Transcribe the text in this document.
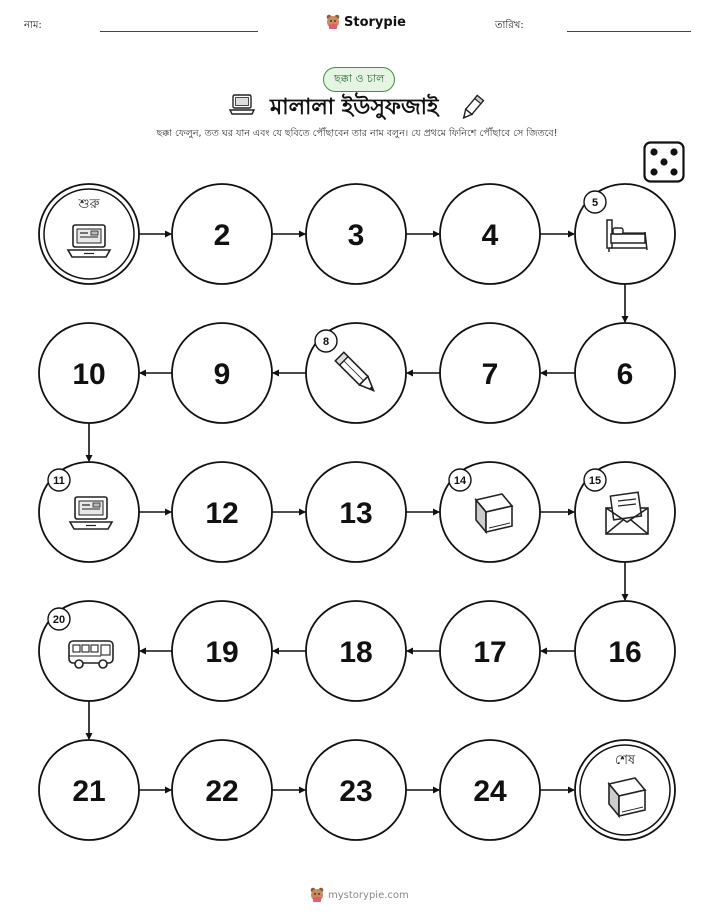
নাম:	Storypie	তারিখ:
ছক্কা ও চাল
মালালা ইউসুফজাই
ছক্কা ফেলুন, তত ঘর যান এবং যে ছবিতে পৌঁছাবেন তার নাম বলুন। যে প্রথমে ফিনিশে পৌঁছাবে সে জিতবে!
শুরু
2	3	4
5
6
7
8
9
10
11
12	13
14	15
16
17
18
19
20
21	22	23	24
শেষ
mystorypie.com
